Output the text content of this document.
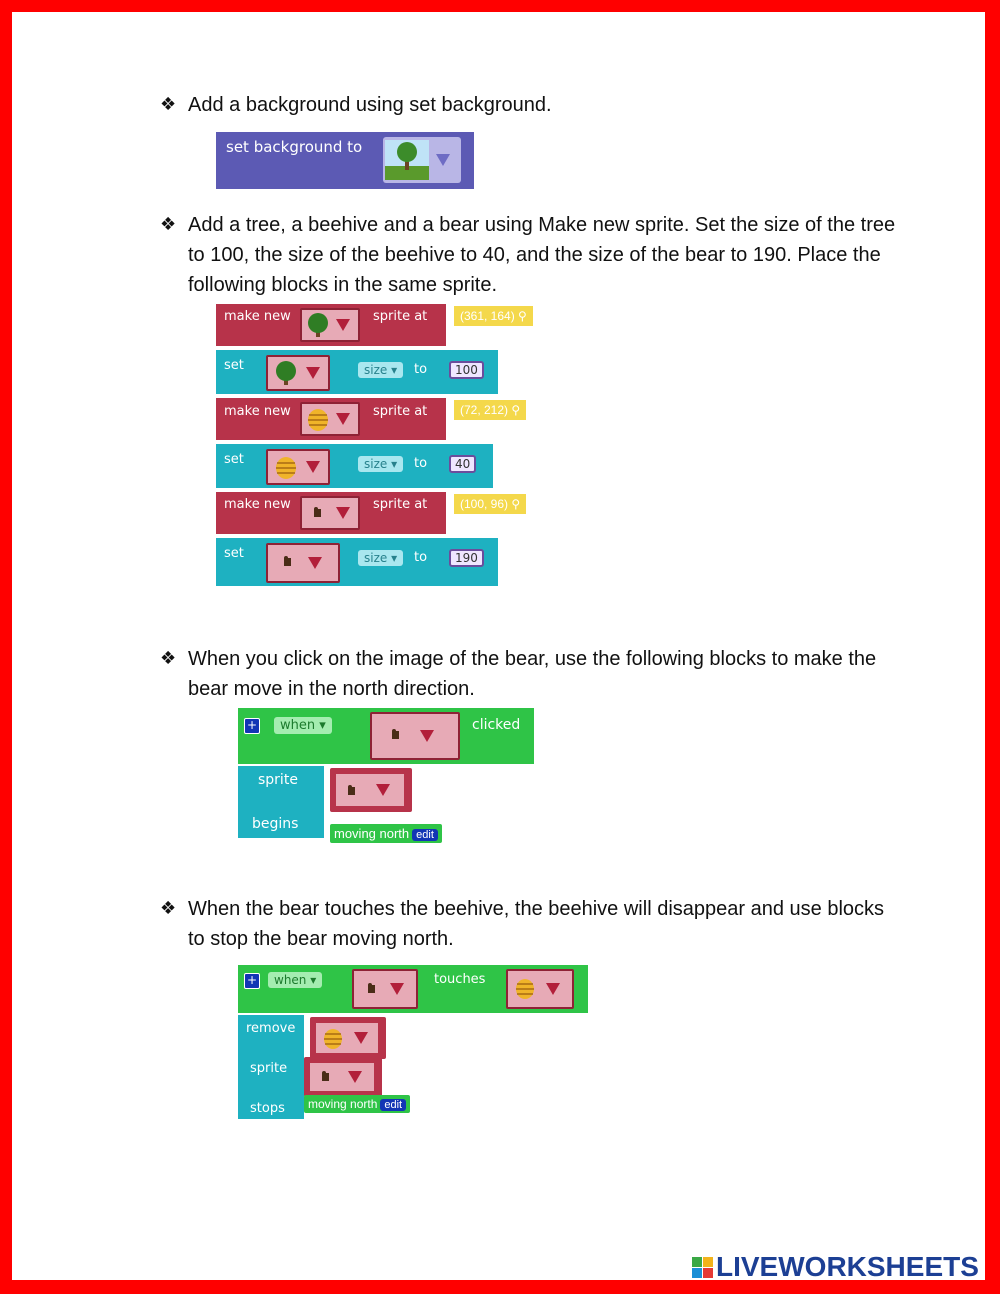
❖ Add a background using set background.
set background to
❖ Add a tree, a beehive and a bear using Make new sprite. Set the size of the tree to 100, the size of the beehive to 40, and the size of the bear to 190. Place the following blocks in the same sprite.
make new	sprite at	(361, 164) ⚲
set	size ▾	to	100
make new	sprite at	(72, 212) ⚲
set	size ▾	to	40
make new	sprite at	(100, 96) ⚲
set	size ▾	to	190
❖ When you click on the image of the bear, use the following blocks to make the bear move in the north direction.
+	when ▾	clicked
sprite
begins
moving north edit
❖ When the bear touches the beehive, the beehive will disappear and use blocks to stop the bear moving north.
+	when ▾	touches
remove
sprite
stops	moving north edit
LIVEWORKSHEETS
